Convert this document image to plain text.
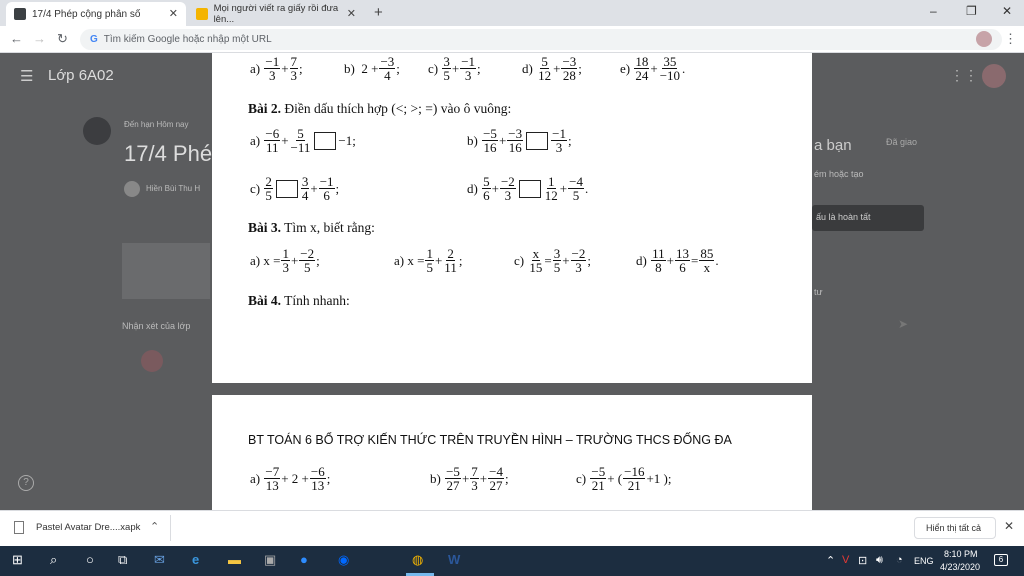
17/4 Phép cộng phân số	✕	Mọi người viết ra giấy rồi đưa lên...	✕ +	– ❐ ✕
← → ↻ G Tìm kiếm Google hoặc nhập một URL	⋮
☰ Lớp 6A02	⋮⋮
Đến hạn Hôm nay
17/4 Phé
Hiền Bùi Thu H
Nhận xét của lớp
a bạn	Đã giao
ém hoặc tạo
ấu là hoàn tất
tư
➤
?
a)
$\frac{-1}{3} + \frac{7}{3}$ ;	b)
$2 + \frac{-3}{4}$ ; c)
$\frac{3}{5} + \frac{-1}{3}$ ;	d)
$\frac{5}{12} + \frac{-3}{28}$ ;	e)
$\frac{18}{24} + \frac{35}{-10}$ .
Bài 2. Điền dấu thích hợp (<; >; =) vào ô vuông:
a)
$\frac{-6}{11} + \frac{5}{-11} -1$ ;	b)
$\frac{-5}{16} + \frac{-3}{16} \frac{-1}{3}$ ;
c)
$\frac{2}{5} \frac{3}{4} + \frac{-1}{6}$ ;	d)
$\frac{5}{6} + \frac{-2}{3} \frac{1}{12} + \frac{-4}{5}$ .
Bài 3. Tìm x, biết rằng:
a)
$x = \frac{1}{3} + \frac{-2}{5}$ ;	a)
$x = \frac{1}{5} + \frac{2}{11}$ ;	c)
$\frac{x}{15} = \frac{3}{5} + \frac{-2}{3}$ ;	d)
$\frac{11}{8} + \frac{13}{6} = \frac{85}{x}$ .
Bài 4. Tính nhanh:
BT TOÁN 6 BỔ TRỢ KIẾN THỨC TRÊN TRUYỀN HÌNH – TRƯỜNG THCS ĐỐNG ĐA
a)
$\frac{-7}{13} + 2 + \frac{-6}{13}$ ;	b)
$\frac{-5}{27} + \frac{7}{3} + \frac{-4}{27}$ ;	c)
$\frac{-5}{21}$ + ( $\frac{-16}{21} +1$ ) ;
Pastel Avatar Dre....xapk ⌃	Hiển thị tất cả ✕
⊞ ⌕ ○ ⧉ ✉ e ▬ ▣ ● ◉	◍ W	⌃ V ⊡ 🔊︎ ◔ ENG
8:10 PM
4/23/2020
6
